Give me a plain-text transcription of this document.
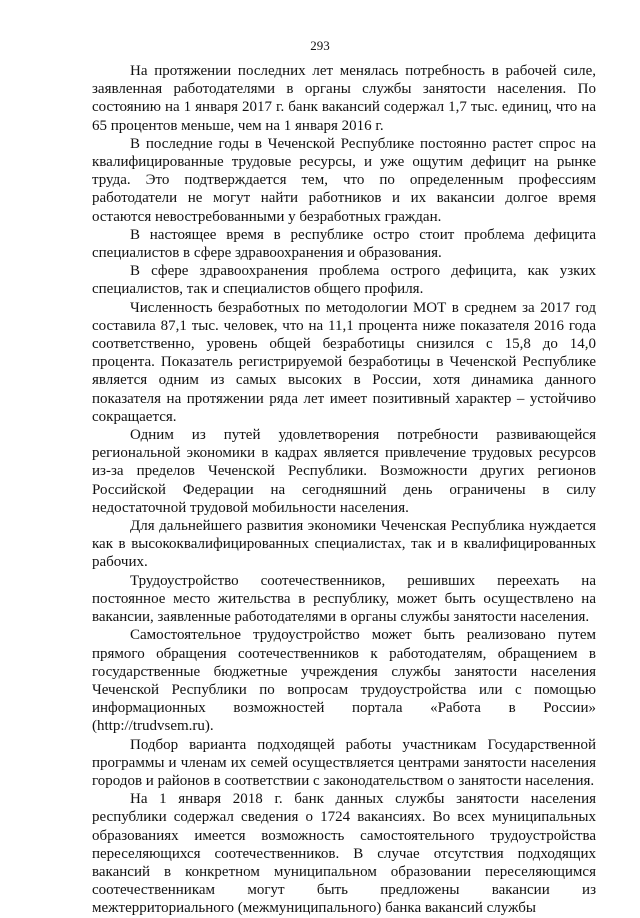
293

На протяжении последних лет менялась потребность в рабочей силе, заявленная работодателями в органы службы занятости населения. По состоянию на 1 января 2017 г. банк вакансий содержал 1,7 тыс. единиц, что на 65 процентов меньше, чем на 1 января 2016 г.

В последние годы в Чеченской Республике постоянно растет спрос на квалифицированные трудовые ресурсы, и уже ощутим дефицит на рынке труда. Это подтверждается тем, что по определенным профессиям работодатели не могут найти работников и их вакансии долгое время остаются невостребованными у безработных граждан.

В настоящее время в республике остро стоит проблема дефицита специалистов в сфере здравоохранения и образования.

В сфере здравоохранения проблема острого дефицита, как узких специалистов, так и специалистов общего профиля.

Численность безработных по методологии МОТ в среднем за 2017 год составила 87,1 тыс. человек, что на 11,1 процента ниже показателя 2016 года соответственно, уровень общей безработицы снизился с 15,8 до 14,0 процента. Показатель регистрируемой безработицы в Чеченской Республике является одним из самых высоких в России, хотя динамика данного показателя на протяжении ряда лет имеет позитивный характер – устойчиво сокращается.

Одним из путей удовлетворения потребности развивающейся региональной экономики в кадрах является привлечение трудовых ресурсов из-за пределов Чеченской Республики. Возможности других регионов Российской Федерации на сегодняшний день ограничены в силу недостаточной трудовой мобильности населения.

Для дальнейшего развития экономики Чеченская Республика нуждается как в высококвалифицированных специалистах, так и в квалифицированных рабочих.

Трудоустройство соотечественников, решивших переехать на постоянное место жительства в республику, может быть осуществлено на вакансии, заявленные работодателями в органы службы занятости населения.

Самостоятельное трудоустройство может быть реализовано путем прямого обращения соотечественников к работодателям, обращением в государственные бюджетные учреждения службы занятости населения Чеченской Республики по вопросам трудоустройства или с помощью информационных возможностей портала «Работа в России» (http://trudvsem.ru).

Подбор варианта подходящей работы участникам Государственной программы и членам их семей осуществляется центрами занятости населения городов и районов в соответствии с законодательством о занятости населения.

На 1 января 2018 г. банк данных службы занятости населения республики содержал сведения о 1724 вакансиях. Во всех муниципальных образованиях имеется возможность самостоятельного трудоустройства переселяющихся соотечественников. В случае отсутствия подходящих вакансий в конкретном муниципальном образовании переселяющимся соотечественникам могут быть предложены вакансии из межтерриториального (межмуниципального) банка вакансий службы
